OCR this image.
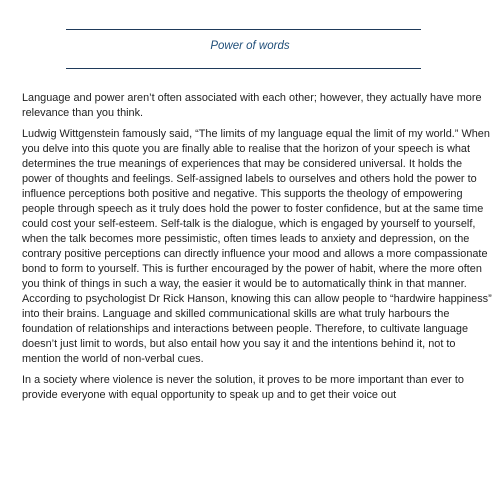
Power of words

Language and power aren’t often associated with each other; however, they actually have more relevance than you think.

Ludwig Wittgenstein famously said, “The limits of my language equal the limit of my world.” When you delve into this quote you are finally able to realise that the horizon of your speech is what determines the true meanings of experiences that may be considered universal. It holds the power of thoughts and feelings. Self-assigned labels to ourselves and others hold the power to influence perceptions both positive and negative. This supports the theology of empowering people through speech as it truly does hold the power to foster confidence, but at the same time could cost your self-esteem. Self-talk is the dialogue, which is engaged by yourself to yourself, when the talk becomes more pessimistic, often times leads to anxiety and depression, on the contrary positive perceptions can directly influence your mood and allows a more compassionate bond to form to yourself. This is further encouraged by the power of habit, where the more often you think of things in such a way, the easier it would be to automatically think in that manner. According to psychologist Dr Rick Hanson, knowing this can allow people to “hardwire happiness” into their brains. Language and skilled communicational skills are what truly harbours the foundation of relationships and interactions between people. Therefore, to cultivate language doesn’t just limit to words, but also entail how you say it and the intentions behind it, not to mention the world of non-verbal cues.

In a society where violence is never the solution, it proves to be more important than ever to provide everyone with equal opportunity to speak up and to get their voice out
